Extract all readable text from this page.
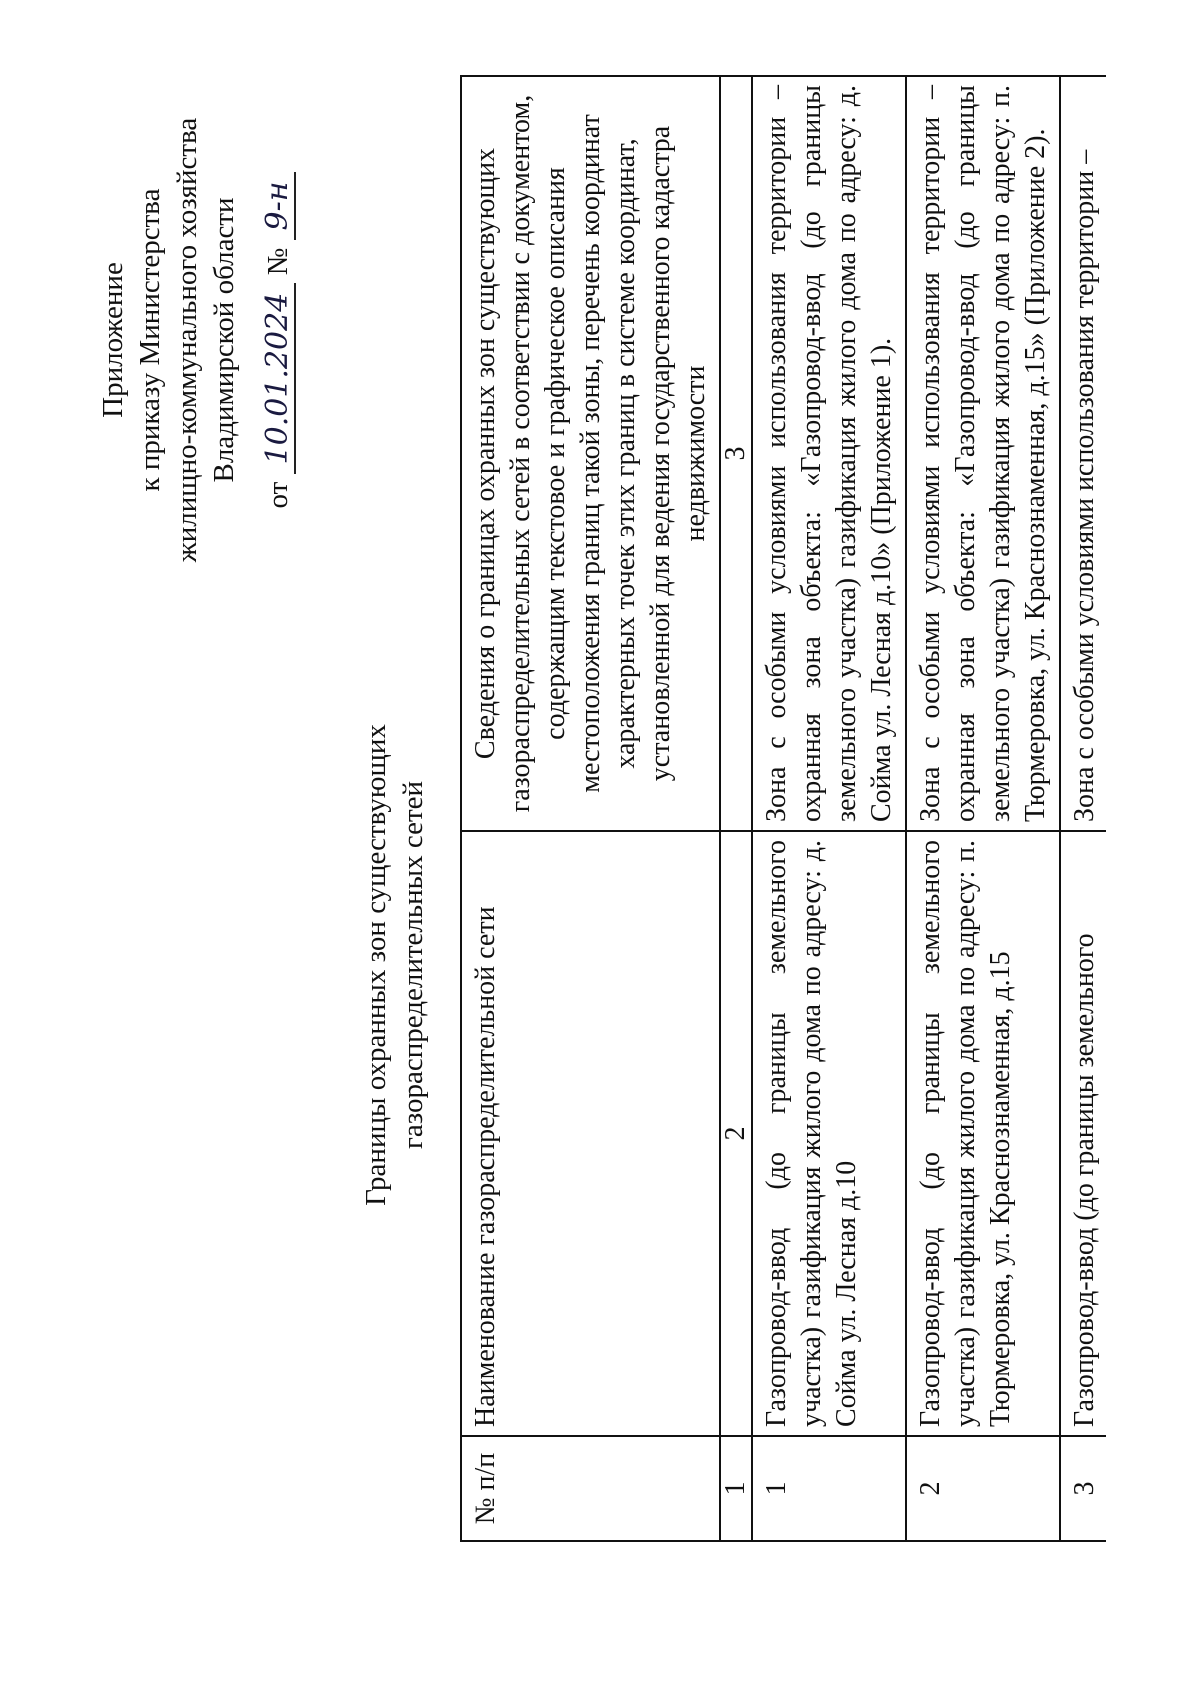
Приложение к приказу Министерства жилищно-коммунального хозяйства Владимирской области
от 10.01.2024 № 9-н
Границы охранных зон существующих газораспределительных сетей
№ п/п	Наименование газораспределительной сети	Сведения о границах охранных зон существующих газораспределительных сетей в соответствии с документом, содержащим текстовое и графическое описания местоположения границ такой зоны, перечень координат характерных точек этих границ в системе координат, установленной для ведения государственного кадастра недвижимости
1	2	3
1	Газопровод-ввод (до границы земельного участка) газификация жилого дома по адресу: д. Сойма ул. Лесная д.10	Зона с особыми условиями использования территории – охранная зона объекта: «Газопровод-ввод (до границы земельного участка) газификация жилого дома по адресу: д. Сойма ул. Лесная д.10» (Приложение 1).
2	Газопровод-ввод (до границы земельного участка) газификация жилого дома по адресу: п. Тюрмеровка, ул. Краснознаменная, д.15	Зона с особыми условиями использования территории – охранная зона объекта: «Газопровод-ввод (до границы земельного участка) газификация жилого дома по адресу: п. Тюрмеровка, ул. Краснознаменная, д.15» (Приложение 2).
3	Газопровод-ввод (до границы земельного	Зона с особыми условиями использования территории –
